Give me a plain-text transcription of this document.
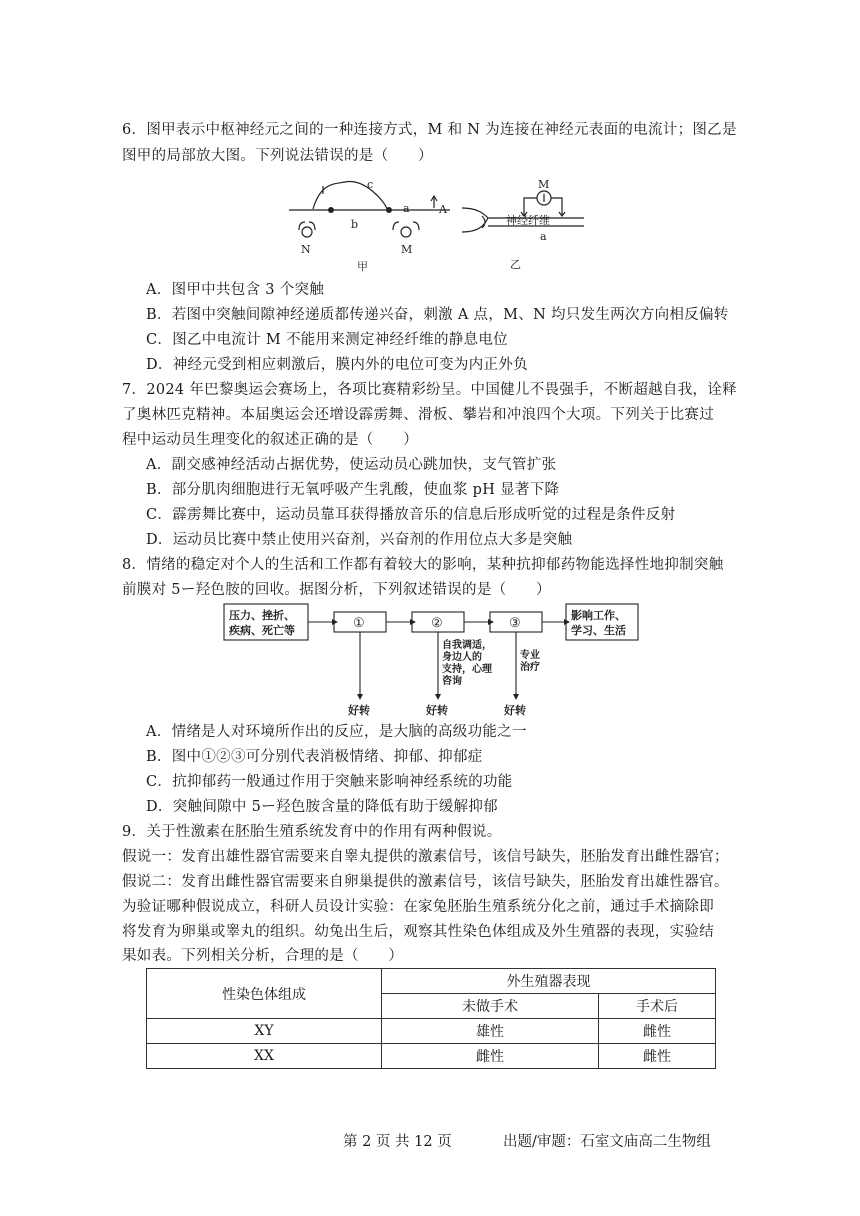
6．图甲表示中枢神经元之间的一种连接方式，M 和 N 为连接在神经元表面的电流计；图乙是
图甲的局部放大图。下列说法错误的是（　　）
c
b
a	A
N	M
甲
M
神经纤维
a
乙
A．图甲中共包含 3 个突触
B．若图中突触间隙神经递质都传递兴奋，刺激 A 点，M、N 均只发生两次方向相反偏转
C．图乙中电流计 M 不能用来测定神经纤维的静息电位
D．神经元受到相应刺激后，膜内外的电位可变为内正外负
7．2024 年巴黎奥运会赛场上，各项比赛精彩纷呈。中国健儿不畏强手，不断超越自我，诠释
了奥林匹克精神。本届奥运会还增设霹雳舞、滑板、攀岩和冲浪四个大项。下列关于比赛过
程中运动员生理变化的叙述正确的是（　　）
A．副交感神经活动占据优势，使运动员心跳加快，支气管扩张
B．部分肌肉细胞进行无氧呼吸产生乳酸，使血浆 pH 显著下降
C．霹雳舞比赛中，运动员靠耳获得播放音乐的信息后形成听觉的过程是条件反射
D．运动员比赛中禁止使用兴奋剂，兴奋剂的作用位点大多是突触
8．情绪的稳定对个人的生活和工作都有着较大的影响，某种抗抑郁药物能选择性地抑制突触
前膜对 5ー羟色胺的回收。据图分析，下列叙述错误的是（　　）
压力、挫折、
疾病、死亡等	①	②	③
影响工作、
学习、生活
自我调适，
身边人的
支持，心理
咨询
专业
治疗
好转	好转	好转
A．情绪是人对环境所作出的反应，是大脑的高级功能之一
B．图中①②③可分别代表消极情绪、抑郁、抑郁症
C．抗抑郁药一般通过作用于突触来影响神经系统的功能
D．突触间隙中 5ー羟色胺含量的降低有助于缓解抑郁
9．关于性激素在胚胎生殖系统发育中的作用有两种假说。
假说一：发育出雄性器官需要来自睾丸提供的激素信号，该信号缺失，胚胎发育出雌性器官；
假说二：发育出雌性器官需要来自卵巢提供的激素信号，该信号缺失，胚胎发育出雄性器官。
为验证哪种假说成立，科研人员设计实验：在家兔胚胎生殖系统分化之前，通过手术摘除即
将发育为卵巢或睾丸的组织。幼兔出生后，观察其性染色体组成及外生殖器的表现，实验结
果如表。下列相关分析，合理的是（　　）
性染色体组成	外生殖器表现	
	未做手术	手术后
XY	雄性	雌性
XX	雌性	雌性
第 2 页 共 12 页	出题/审题：石室文庙高二生物组
